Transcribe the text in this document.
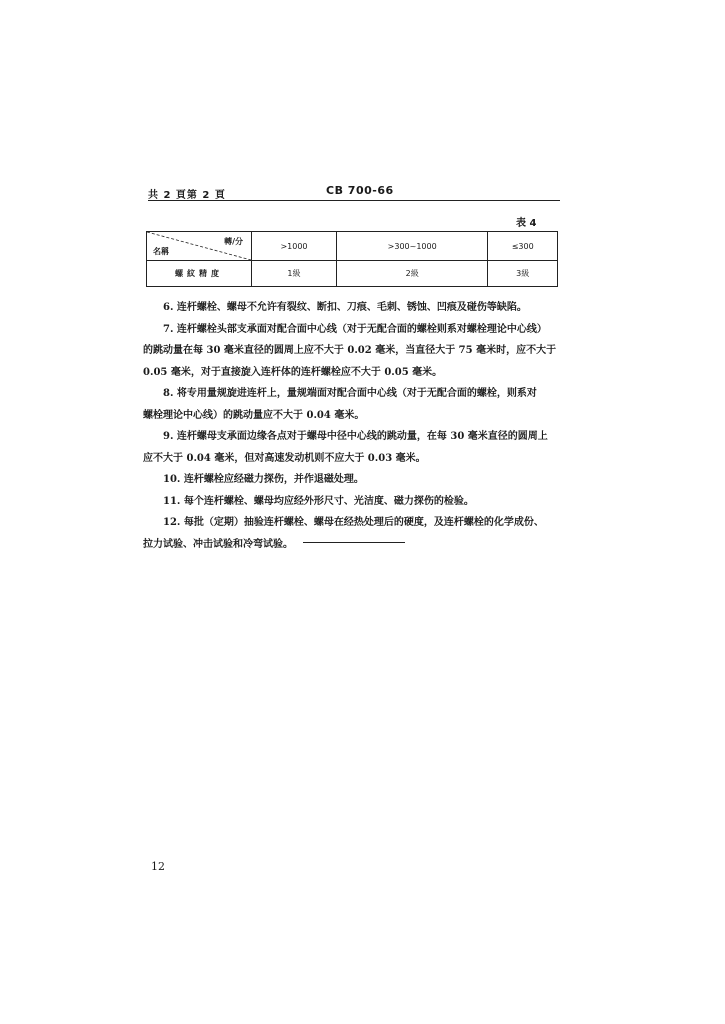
共 2 頁第 2 頁	CB 700-66
表 4
轉/分
名稱	>1000	>300~1000	≤300
螺紋精度	1級	2級	3級

6. 连杆螺栓、螺母不允许有裂纹、断扣、刀痕、毛刺、锈蚀、凹痕及碰伤等缺陷。

7. 连杆螺栓头部支承面对配合面中心线（对于无配合面的螺栓则系对螺栓理论中心线）

的跳动量在每 30 毫米直径的圆周上应不大于 0.02 毫米，当直径大于 75 毫米时，应不大于

0.05 毫米，对于直接旋入连杆体的连杆螺栓应不大于 0.05 毫米。

8. 将专用量规旋进连杆上，量规端面对配合面中心线（对于无配合面的螺栓，则系对

螺栓理论中心线）的跳动量应不大于 0.04 毫米。

9. 连杆螺母支承面边缘各点对于螺母中径中心线的跳动量，在每 30 毫米直径的圆周上

应不大于 0.04 毫米，但对高速发动机则不应大于 0.03 毫米。

10. 连杆螺栓应经磁力探伤，并作退磁处理。

11. 每个连杆螺栓、螺母均应经外形尺寸、光洁度、磁力探伤的检验。

12. 每批（定期）抽验连杆螺栓、螺母在经热处理后的硬度，及连杆螺栓的化学成份、

拉力试验、冲击试验和冷弯试验。

12
